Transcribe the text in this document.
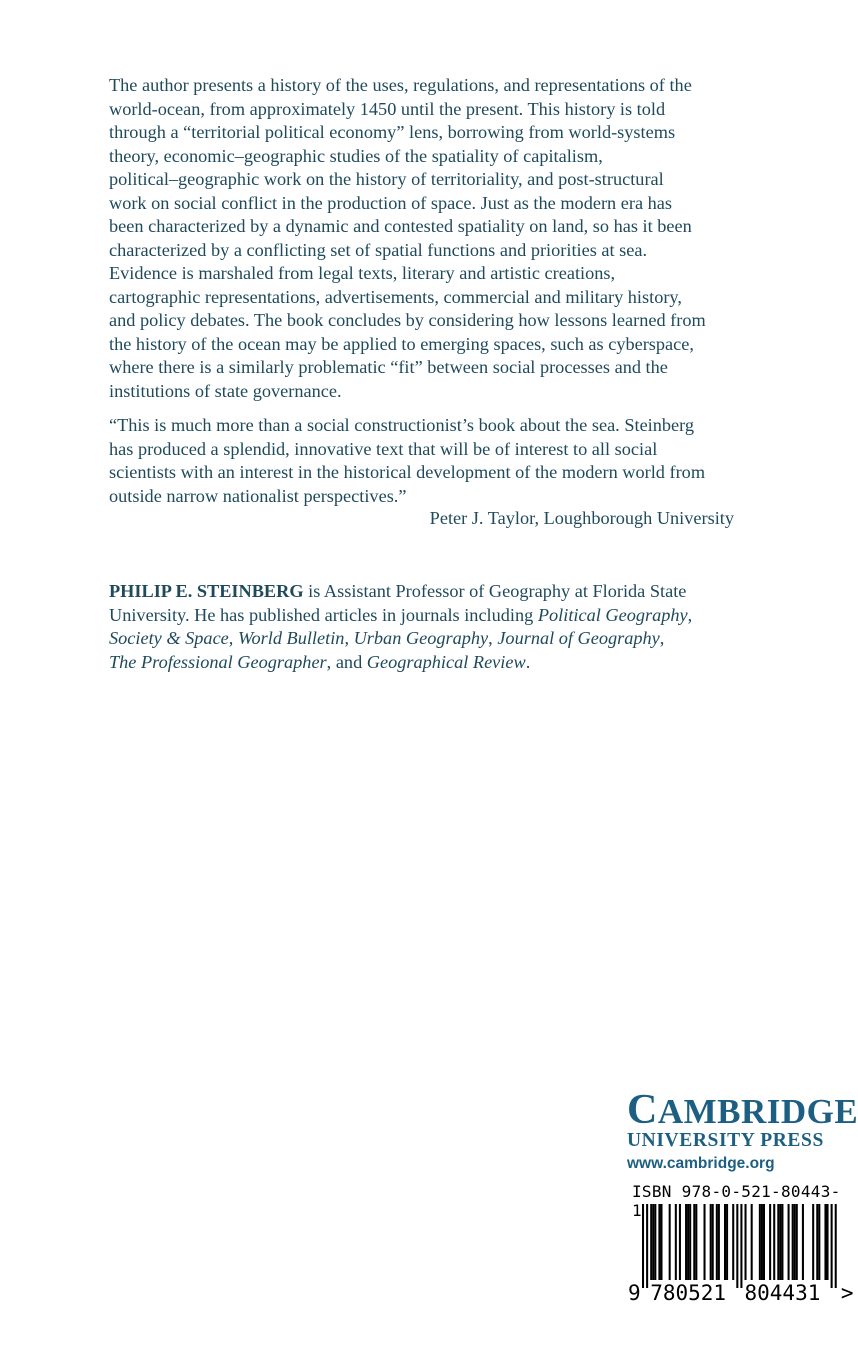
The author presents a history of the uses, regulations, and representations of the
world-ocean, from approximately 1450 until the present. This history is told
through a “territorial political economy” lens, borrowing from world-systems
theory, economic–geographic studies of the spatiality of capitalism,
political–geographic work on the history of territoriality, and post-structural
work on social conflict in the production of space. Just as the modern era has
been characterized by a dynamic and contested spatiality on land, so has it been
characterized by a conflicting set of spatial functions and priorities at sea.
Evidence is marshaled from legal texts, literary and artistic creations,
cartographic representations, advertisements, commercial and military history,
and policy debates. The book concludes by considering how lessons learned from
the history of the ocean may be applied to emerging spaces, such as cyberspace,
where there is a similarly problematic “fit” between social processes and the
institutions of state governance.
“This is much more than a social constructionist’s book about the sea. Steinberg
has produced a splendid, innovative text that will be of interest to all social
scientists with an interest in the historical development of the modern world from
outside narrow nationalist perspectives.”
Peter J. Taylor, Loughborough University
PHILIP E. STEINBERG is Assistant Professor of Geography at Florida State
University. He has published articles in journals including Political Geography,
Society & Space, World Bulletin, Urban Geography, Journal of Geography,
The Professional Geographer, and Geographical Review.
CAMBRIDGE
UNIVERSITY PRESS
www.cambridge.org
ISBN 978-0-521-80443-1
9 780521 804431 >
